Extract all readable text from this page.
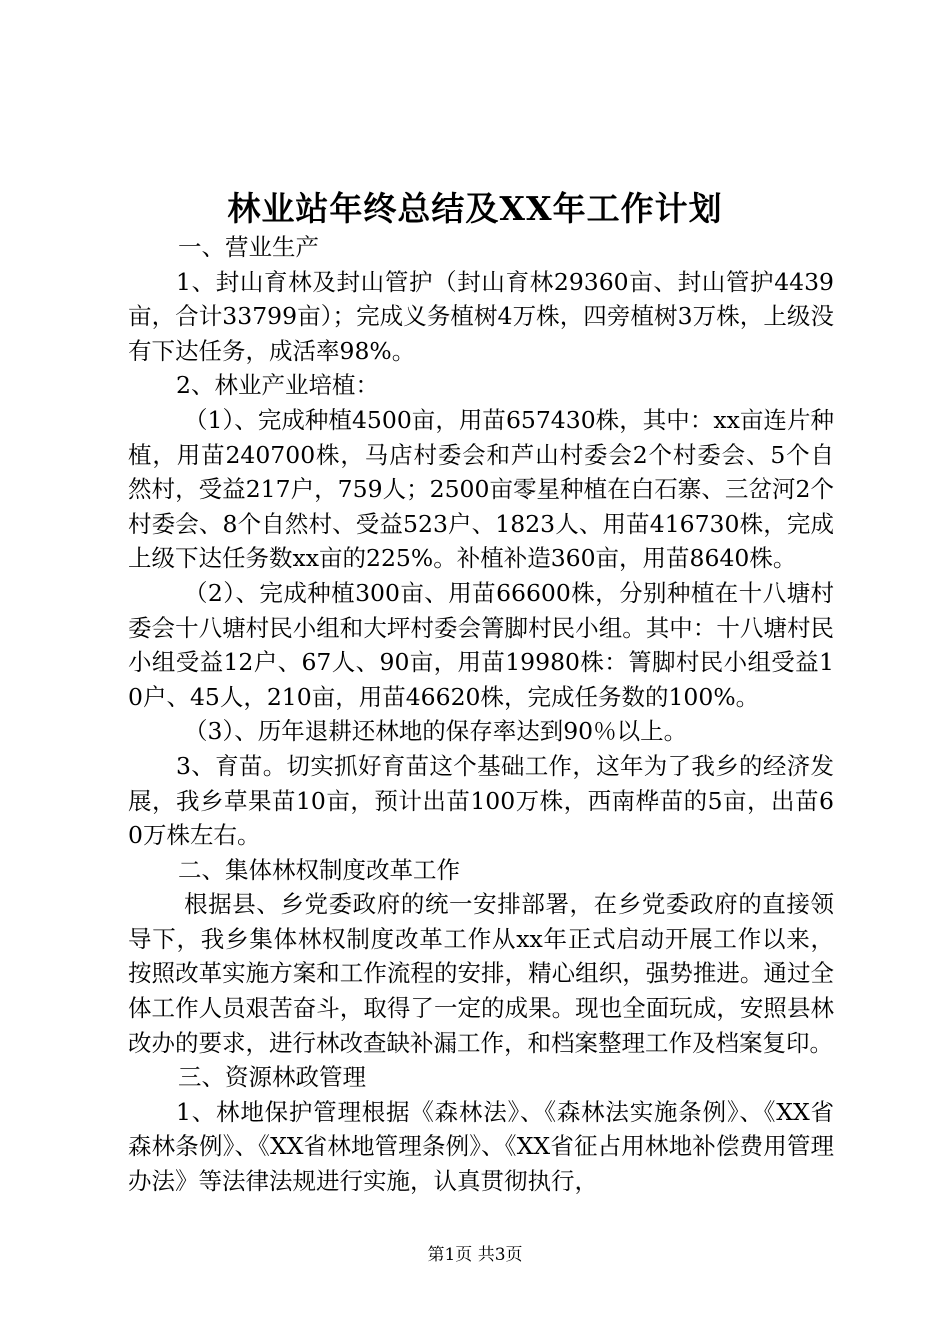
林业站年终总结及XX年工作计划

一、营业生产

1、封山育林及封山管护（封山育林29360亩、封山管护4439亩，合计33799亩）；完成义务植树4万株，四旁植树3万株，上级没有下达任务，成活率98%。

2、林业产业培植：

（1）、完成种植4500亩，用苗657430株，其中：xx亩连片种植，用苗240700株，马店村委会和芦山村委会2个村委会、5个自然村，受益217户，759人；2500亩零星种植在白石寨、三岔河2个村委会、8个自然村、受益523户、1823人、用苗416730株，完成上级下达任务数xx亩的225%。补植补造360亩，用苗8640株。

（2）、完成种植300亩、用苗66600株，分别种植在十八塘村委会十八塘村民小组和大坪村委会箐脚村民小组。其中：十八塘村民小组受益12户、67人、90亩，用苗19980株：箐脚村民小组受益10户、45人，210亩，用苗46620株，完成任务数的100%。

（3）、历年退耕还林地的保存率达到90％以上。

3、育苗。切实抓好育苗这个基础工作，这年为了我乡的经济发展，我乡草果苗10亩，预计出苗100万株，西南桦苗的5亩，出苗60万株左右。

二、集体林权制度改革工作

根据县、乡党委政府的统一安排部署，在乡党委政府的直接领导下，我乡集体林权制度改革工作从xx年正式启动开展工作以来，按照改革实施方案和工作流程的安排，精心组织，强势推进。通过全体工作人员艰苦奋斗，取得了一定的成果。现也全面玩成，安照县林改办的要求，进行林改查缺补漏工作，和档案整理工作及档案复印。

三、资源林政管理

1、林地保护管理根据《森林法》、《森林法实施条例》、《XX省森林条例》、《XX省林地管理条例》、《XX省征占用林地补偿费用管理办法》等法律法规进行实施，认真贯彻执行，

第1页 共3页
